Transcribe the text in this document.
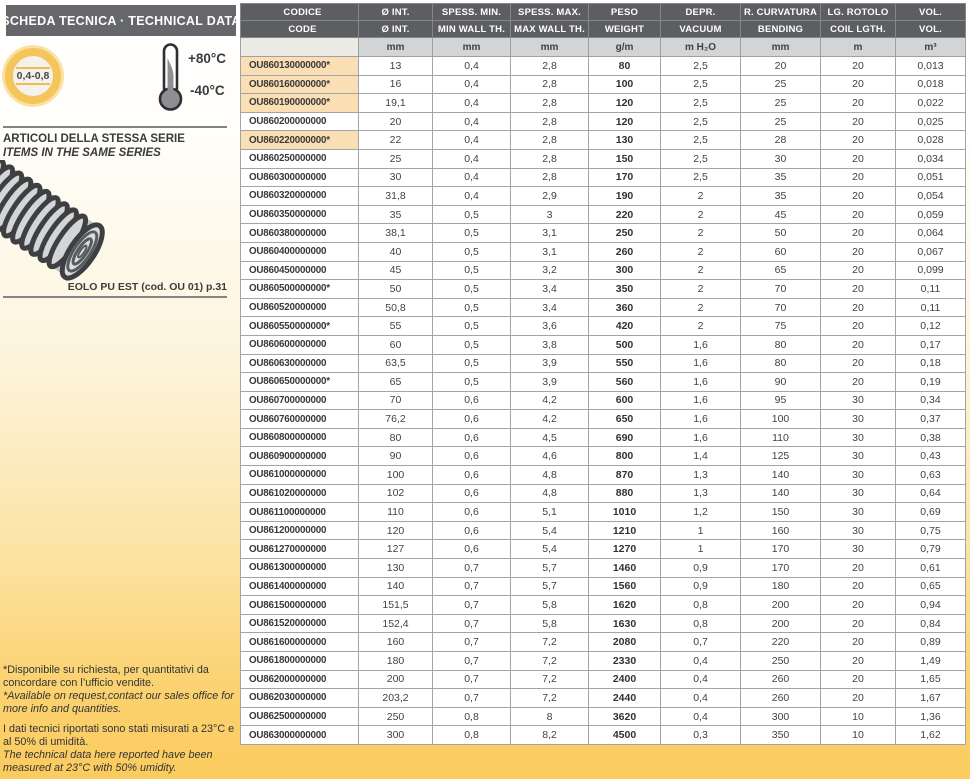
SCHEDA TECNICA · TECHNICAL DATA
0,4-0,8
+80°C
-40°C
ARTICOLI DELLA STESSA SERIE
ITEMS IN THE SAME SERIES
EOLO PU EST (cod. OU 01) p.31

*Disponibile su richiesta, per quantitativi da concordare con l’ufficio vendite.

*Available on request,contact our sales office for more info and quantities.

I dati tecnici riportati sono stati misurati a 23°C e al 50% di umidità.

The technical data here reported have been measured at 23°C with 50% umidity.

CODICE	Ø INT.	SPESS. MIN.	SPESS. MAX.	PESO	DEPR.	R. CURVATURA	LG. ROTOLO	VOL.
CODE	Ø INT.	MIN WALL TH.	MAX WALL TH.	WEIGHT	VACUUM	BENDING	COIL LGTH.	VOL.
	mm	mm	mm	g/m	m H₂O	mm	m	m³
OU860130000000*	13	0,4	2,8	80	2,5	20	20	0,013
OU860160000000*	16	0,4	2,8	100	2,5	25	20	0,018
OU860190000000*	19,1	0,4	2,8	120	2,5	25	20	0,022
OU860200000000	20	0,4	2,8	120	2,5	25	20	0,025
OU860220000000*	22	0,4	2,8	130	2,5	28	20	0,028
OU860250000000	25	0,4	2,8	150	2,5	30	20	0,034
OU860300000000	30	0,4	2,8	170	2,5	35	20	0,051
OU860320000000	31,8	0,4	2,9	190	2	35	20	0,054
OU860350000000	35	0,5	3	220	2	45	20	0,059
OU860380000000	38,1	0,5	3,1	250	2	50	20	0,064
OU860400000000	40	0,5	3,1	260	2	60	20	0,067
OU860450000000	45	0,5	3,2	300	2	65	20	0,099
OU860500000000*	50	0,5	3,4	350	2	70	20	0,11
OU860520000000	50,8	0,5	3,4	360	2	70	20	0,11
OU860550000000*	55	0,5	3,6	420	2	75	20	0,12
OU860600000000	60	0,5	3,8	500	1,6	80	20	0,17
OU860630000000	63,5	0,5	3,9	550	1,6	80	20	0,18
OU860650000000*	65	0,5	3,9	560	1,6	90	20	0,19
OU860700000000	70	0,6	4,2	600	1,6	95	30	0,34
OU860760000000	76,2	0,6	4,2	650	1,6	100	30	0,37
OU860800000000	80	0,6	4,5	690	1,6	110	30	0,38
OU860900000000	90	0,6	4,6	800	1,4	125	30	0,43
OU861000000000	100	0,6	4,8	870	1,3	140	30	0,63
OU861020000000	102	0,6	4,8	880	1,3	140	30	0,64
OU861100000000	110	0,6	5,1	1010	1,2	150	30	0,69
OU861200000000	120	0,6	5,4	1210	1	160	30	0,75
OU861270000000	127	0,6	5,4	1270	1	170	30	0,79
OU861300000000	130	0,7	5,7	1460	0,9	170	20	0,61
OU861400000000	140	0,7	5,7	1560	0,9	180	20	0,65
OU861500000000	151,5	0,7	5,8	1620	0,8	200	20	0,94
OU861520000000	152,4	0,7	5,8	1630	0,8	200	20	0,84
OU861600000000	160	0,7	7,2	2080	0,7	220	20	0,89
OU861800000000	180	0,7	7,2	2330	0,4	250	20	1,49
OU862000000000	200	0,7	7,2	2400	0,4	260	20	1,65
OU862030000000	203,2	0,7	7,2	2440	0,4	260	20	1,67
OU862500000000	250	0,8	8	3620	0,4	300	10	1,36
OU863000000000	300	0,8	8,2	4500	0,3	350	10	1,62
